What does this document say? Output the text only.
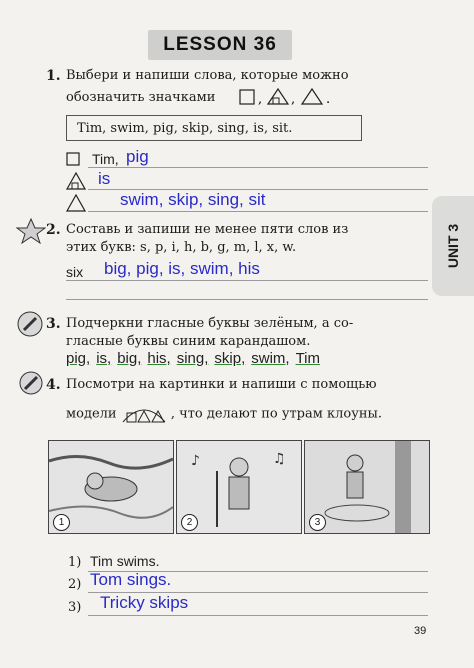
LESSON 36
UNIT 3
1. Выбери и напиши слова, которые можно
обозначить значками	, , .
Tim, swim, pig, skip, sing, is, sit.
Tim, pig
is
swim, skip, sing, sit
2. Составь и запиши не менее пяти слов из
этих букв: s, p, i, h, b, g, m, l, x, w.
six big, pig, is, swim, his
3. Подчеркни гласные буквы зелёным, а со-
гласные буквы синим карандашом.
pig, is, big, his, sing, skip, swim, Tim
4. Посмотри на картинки и напиши с помощью
модели	, что делают по утрам клоуны.
1
♪	♫
2	3
1) Tim swims.
2) Tom sings.
3) Tricky skips
39
